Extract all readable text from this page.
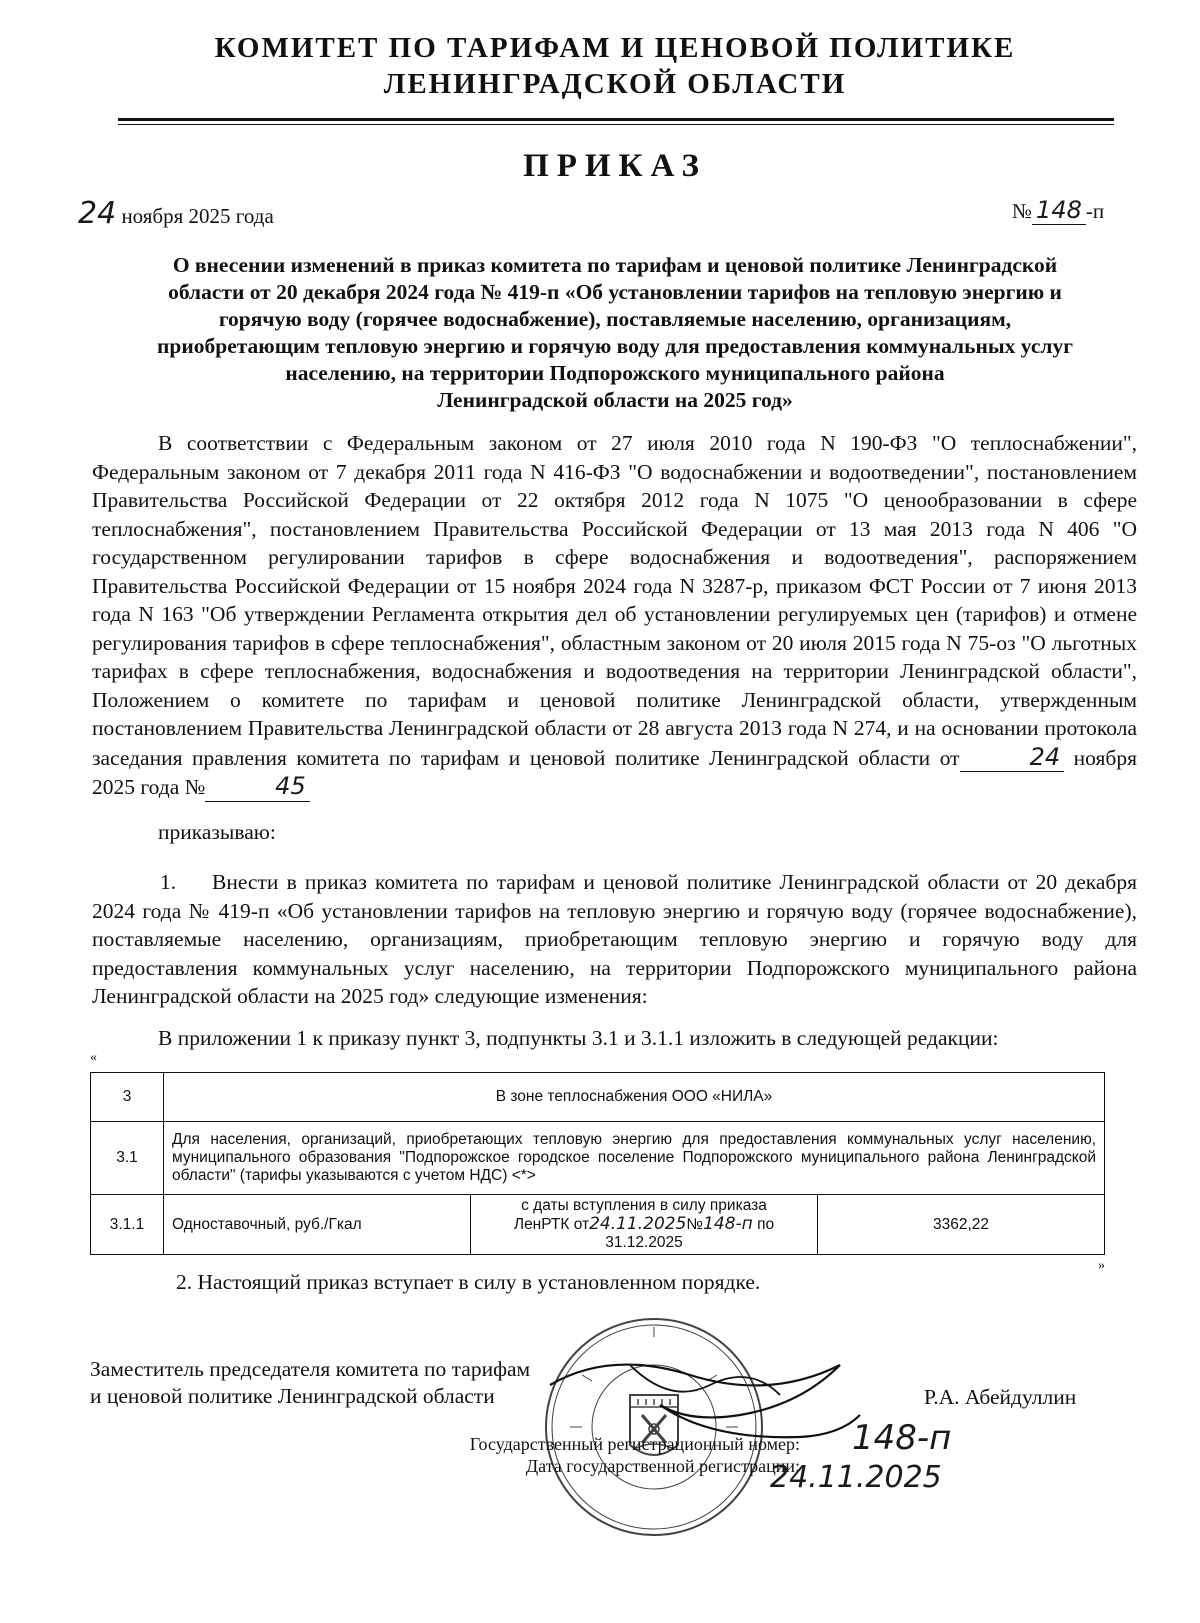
КОМИТЕТ ПО ТАРИФАМ И ЦЕНОВОЙ ПОЛИТИКЕ
ЛЕНИНГРАДСКОЙ ОБЛАСТИ
ПРИКАЗ
24 ноября 2025 года	№ 148 -п
О внесении изменений в приказ комитета по тарифам и ценовой политике Ленинградской
области от 20 декабря 2024 года № 419-п «Об установлении тарифов на тепловую энергию и
горячую воду (горячее водоснабжение), поставляемые населению, организациям,
приобретающим тепловую энергию и горячую воду для предоставления коммунальных услуг
населению, на территории Подпорожского муниципального района
Ленинградской области на 2025 год»
В соответствии с Федеральным законом от 27 июля 2010 года N 190-ФЗ "О теплоснабжении", Федеральным законом от 7 декабря 2011 года N 416-ФЗ "О водоснабжении и водоотведении", постановлением Правительства Российской Федерации от 22 октября 2012 года N 1075 "О ценообразовании в сфере теплоснабжения", постановлением Правительства Российской Федерации от 13 мая 2013 года N 406 "О государственном регулировании тарифов в сфере водоснабжения и водоотведения", распоряжением Правительства Российской Федерации от 15 ноября 2024 года N 3287-р, приказом ФСТ России от 7 июня 2013 года N 163 "Об утверждении Регламента открытия дел об установлении регулируемых цен (тарифов) и отмене регулирования тарифов в сфере теплоснабжения", областным законом от 20 июля 2015 года N 75-оз "О льготных тарифах в сфере теплоснабжения, водоснабжения и водоотведения на территории Ленинградской области", Положением о комитете по тарифам и ценовой политике Ленинградской области, утвержденным постановлением Правительства Ленинградской области от 28 августа 2013 года N 274, и на основании протокола заседания правления комитета по тарифам и ценовой политике Ленинградской области от	24 ноября 2025 года №	45
приказываю:
1. Внести в приказ комитета по тарифам и ценовой политике Ленинградской области от 20 декабря 2024 года № 419-п «Об установлении тарифов на тепловую энергию и горячую воду (горячее водоснабжение), поставляемые населению, организациям, приобретающим тепловую энергию и горячую воду для предоставления коммунальных услуг населению, на территории Подпорожского муниципального района Ленинградской области на 2025 год» следующие изменения:
В приложении 1 к приказу пункт 3, подпункты 3.1 и 3.1.1 изложить в следующей редакции:
«
3	В зоне теплоснабжения ООО «НИЛА»		
3.1	Для населения, организаций, приобретающих тепловую энергию для предоставления коммунальных услуг населению, муниципального образования "Подпорожское городское поселение Подпорожского муниципального района Ленинградской области" (тарифы указываются с учетом НДС) <*>		
3.1.1	Одноставочный, руб./Гкал	с даты вступления в силу приказа
ЛенРТК от24.11.2025№148-п по
31.12.2025	3362,22
»
2. Настоящий приказ вступает в силу в установленном порядке.
Заместитель председателя комитета по тарифам
и ценовой политике Ленинградской области	Р.А. Абейдуллин
Государственный регистрационный номер:
Дата государственной регистрации:
148-п
24.11.2025
